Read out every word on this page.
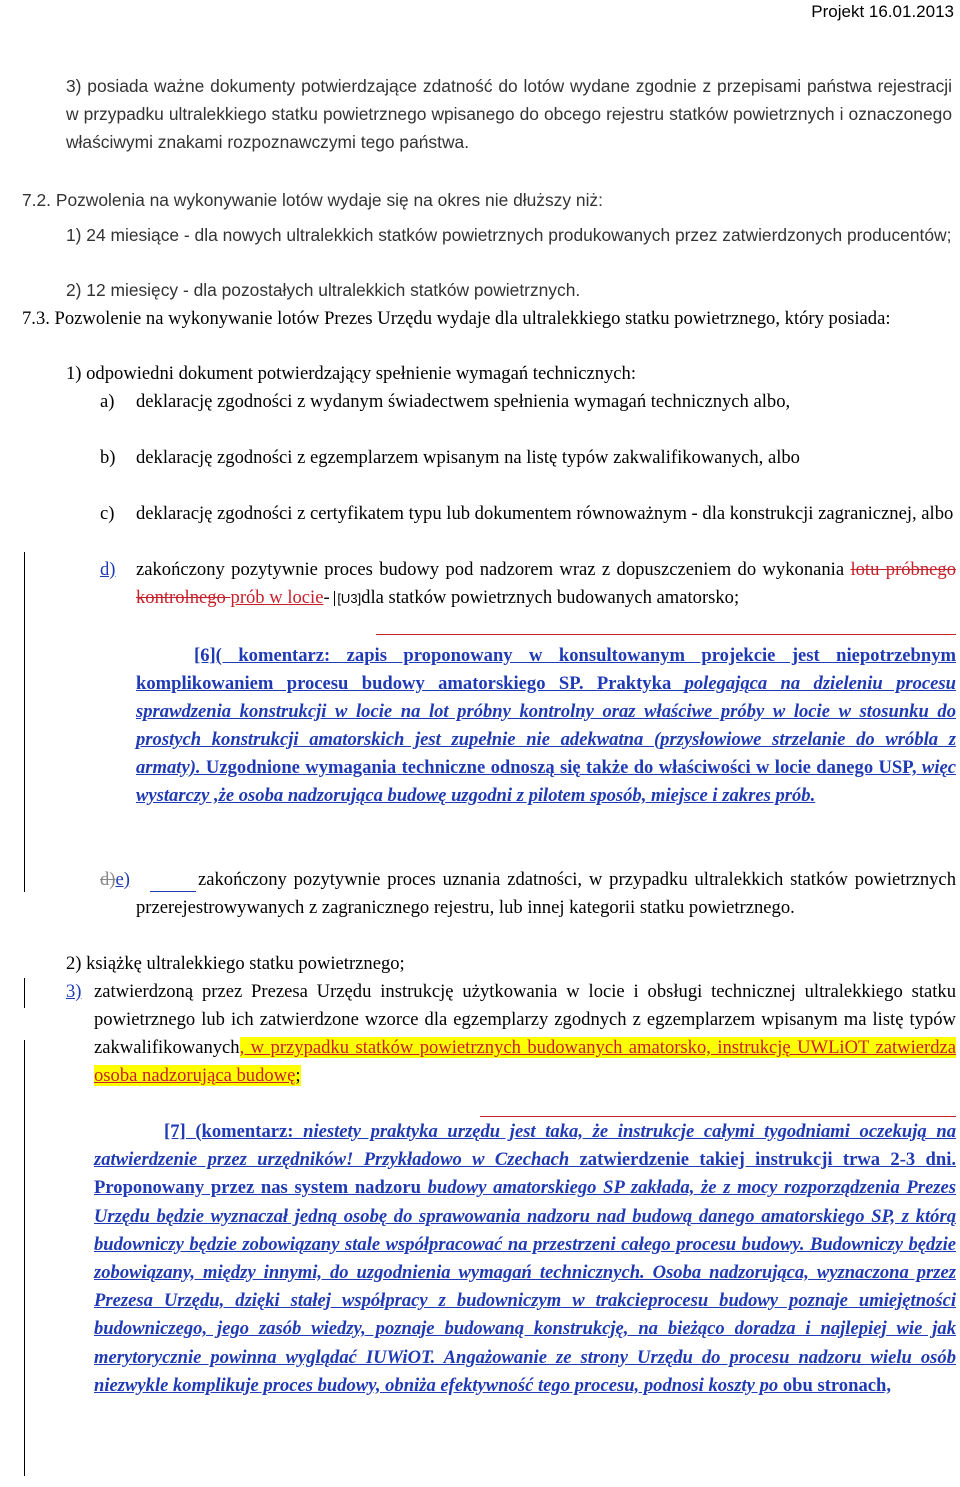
Projekt 16.01.2013
3) posiada ważne dokumenty potwierdzające zdatność do lotów wydane zgodnie z przepisami państwa rejestracji w przypadku ultralekkiego statku powietrznego wpisanego do obcego rejestru statków powietrznych i oznaczonego właściwymi znakami rozpoznawczymi tego państwa.
7.2. Pozwolenia na wykonywanie lotów wydaje się na okres nie dłuższy niż:
1) 24 miesiące - dla nowych ultralekkich statków powietrznych produkowanych przez zatwierdzonych producentów;
2) 12 miesięcy - dla pozostałych ultralekkich statków powietrznych.
7.3. Pozwolenie na wykonywanie lotów Prezes Urzędu wydaje dla ultralekkiego statku powietrznego, który posiada:
1) odpowiedni dokument potwierdzający spełnienie wymagań technicznych:
a)	deklarację zgodności z wydanym świadectwem spełnienia wymagań technicznych albo,
b)	deklarację zgodności z egzemplarzem wpisanym na listę typów zakwalifikowanych, albo
c)	deklarację zgodności z certyfikatem typu lub dokumentem równoważnym - dla konstrukcji zagranicznej, albo
d)	zakończony pozytywnie proces budowy pod nadzorem wraz z dopuszczeniem do wykonania lotu próbnego kontrolnego prób w locie- [U3]dla statków powietrznych budowanych amatorsko;
[6]( komentarz: zapis proponowany w konsultowanym projekcie jest niepotrzebnym komplikowaniem procesu budowy amatorskiego SP. Praktyka polegająca na dzieleniu procesu sprawdzenia konstrukcji w locie na lot próbny kontrolny oraz właściwe próby w locie w stosunku do prostych konstrukcji amatorskich jest zupełnie nie adekwatna (przysłowiowe strzelanie do wróbla z armaty). Uzgodnione wymagania techniczne odnoszą się także do właściwości w locie danego USP, więc wystarczy ,że osoba nadzorująca budowę uzgodni z pilotem sposób, miejsce i zakres prób.
d)e)	zakończony pozytywnie proces uznania zdatności, w przypadku ultralekkich statków powietrznych przerejestrowywanych z zagranicznego rejestru, lub innej kategorii statku powietrznego.
2) książkę ultralekkiego statku powietrznego;
3) zatwierdzoną przez Prezesa Urzędu instrukcję użytkowania w locie i obsługi technicznej ultralekkiego statku powietrznego lub ich zatwierdzone wzorce dla egzemplarzy zgodnych z egzemplarzem wpisanym ma listę typów zakwalifikowanych, w przypadku statków powietrznych budowanych amatorsko, instrukcję UWLiOT zatwierdza osoba nadzorująca budowę;
[7] (komentarz: niestety praktyka urzędu jest taka, że instrukcje całymi tygodniami oczekują na zatwierdzenie przez urzędników! Przykładowo w Czechach zatwierdzenie takiej instrukcji trwa 2-3 dni. Proponowany przez nas system nadzoru budowy amatorskiego SP zakłada, że z mocy rozporządzenia Prezes Urzędu będzie wyznaczał jedną osobę do sprawowania nadzoru nad budową danego amatorskiego SP, z którą budowniczy będzie zobowiązany stale współpracować na przestrzeni całego procesu budowy. Budowniczy będzie zobowiązany, między innymi, do uzgodnienia wymagań technicznych. Osoba nadzorująca, wyznaczona przez Prezesa Urzędu, dzięki stałej współpracy z budowniczym w trakcieprocesu budowy poznaje umiejętności budowniczego, jego zasób wiedzy, poznaje budowaną konstrukcję, na bieżąco doradza i najlepiej wie jak merytorycznie powinna wyglądać IUWiOT. Angażowanie ze strony Urzędu do procesu nadzoru wielu osób niezwykle komplikuje proces budowy, obniża efektywność tego procesu, podnosi koszty po obu stronach,
